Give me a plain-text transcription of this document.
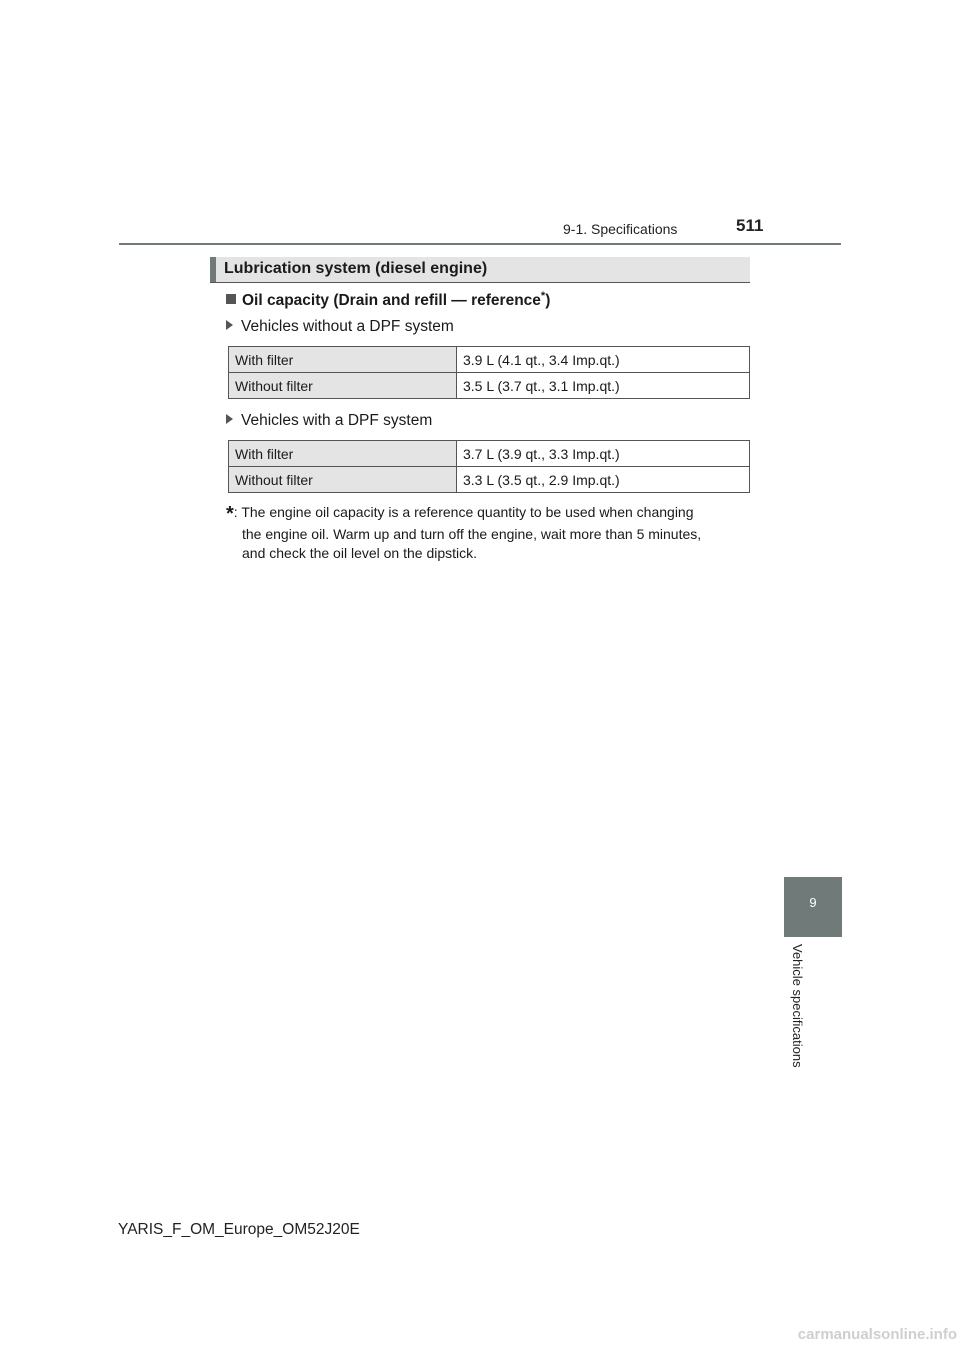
9-1. Specifications	511
Lubrication system (diesel engine)
Oil capacity (Drain and refill — reference*)
Vehicles without a DPF system
With filter	3.9 L (4.1 qt., 3.4 Imp.qt.)
Without filter	3.5 L (3.7 qt., 3.1 Imp.qt.)
Vehicles with a DPF system
With filter	3.7 L (3.9 qt., 3.3 Imp.qt.)
Without filter	3.3 L (3.5 qt., 2.9 Imp.qt.)
*: The engine oil capacity is a reference quantity to be used when changing
the engine oil. Warm up and turn off the engine, wait more than 5 minutes,
and check the oil level on the dipstick.
9
Vehicle specifications
YARIS_F_OM_Europe_OM52J20E
carmanualsonline.info
